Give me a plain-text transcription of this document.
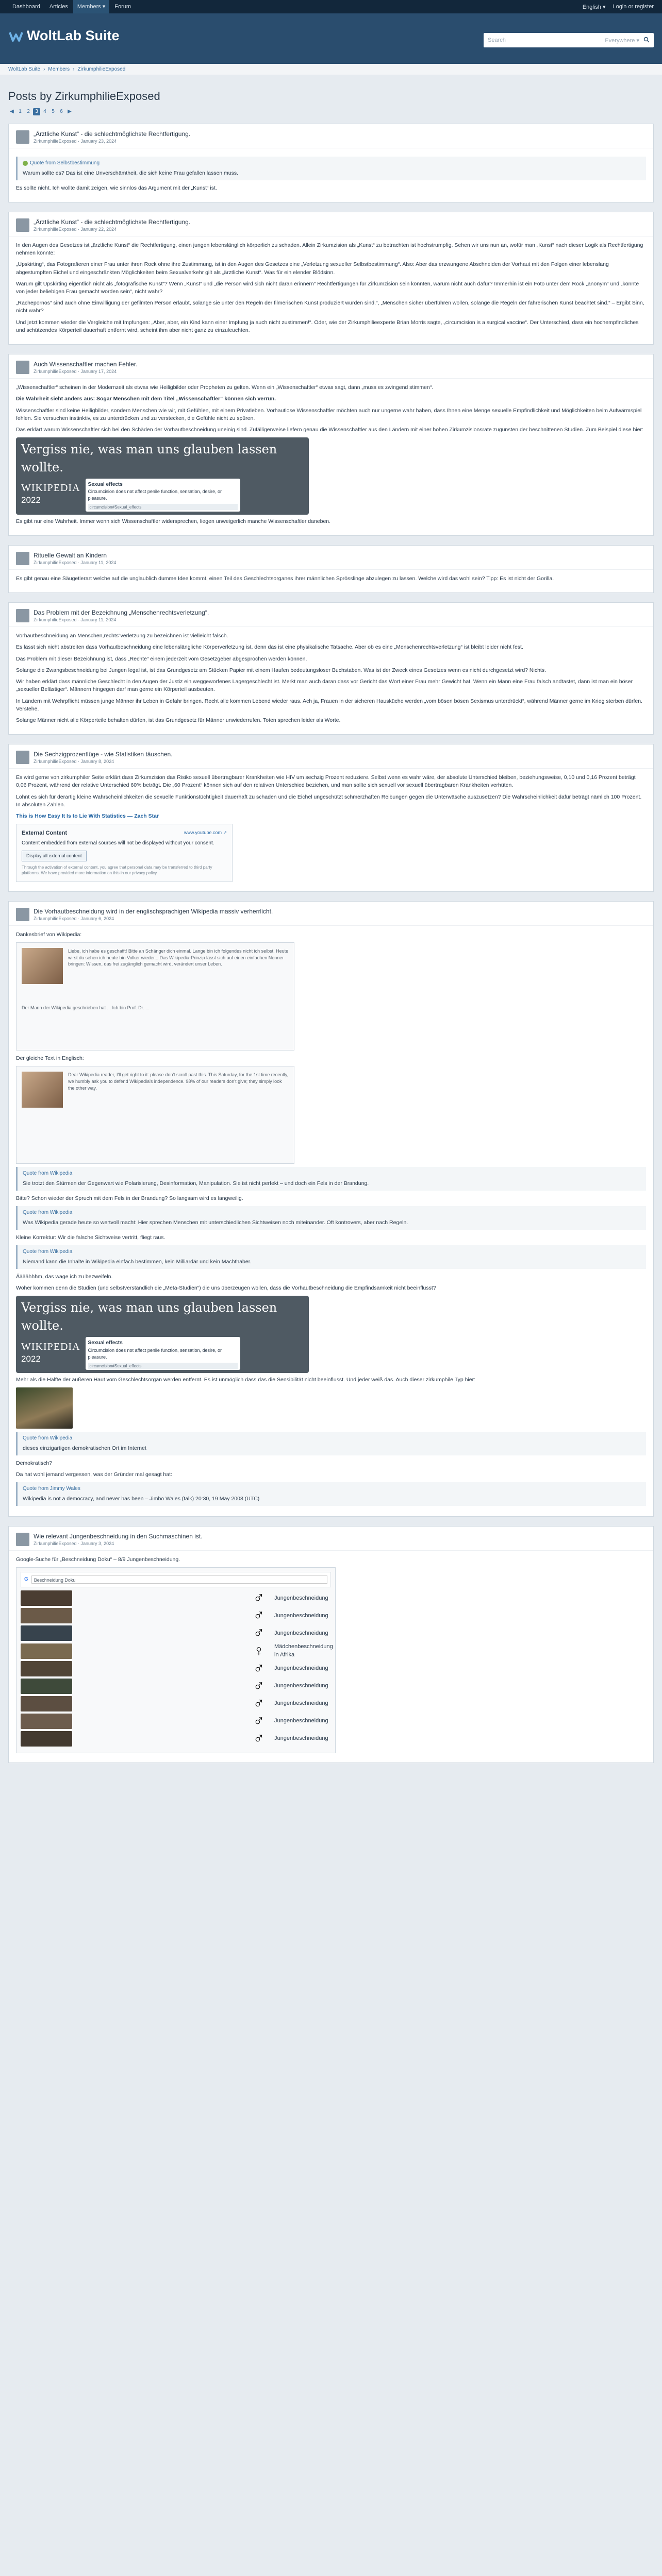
Dashboard	Articles	Members ▾	Forum	English ▾ Login or register
WoltLab Suite	Search	Everywhere ▾
WoltLab Suite › Members › ZirkumphilieExposed
Posts by ZirkumphilieExposed
◀ 1	2	3	4	5	6 ▶
„Ärztliche Kunst“ - die schlechtmöglichste Rechtfertigung.
ZirkumphilieExposed · January 23, 2024
Quote from Selbstbestimmung
Warum sollte es? Das ist eine Unverschämtheit, die sich keine Frau gefallen lassen muss.

Es sollte nicht. Ich wollte damit zeigen, wie sinnlos das Argument mit der „Kunst“ ist.

„Ärztliche Kunst“ - die schlechtmöglichste Rechtfertigung.
ZirkumphilieExposed · January 22, 2024

In den Augen des Gesetzes ist „ärztliche Kunst“ die Rechtfertigung, einen jungen lebenslänglich körperlich zu schaden. Allein Zirkumzision als „Kunst“ zu betrachten ist hochstrumpfig. Sehen wir uns nun an, wofür man „Kunst“ nach dieser Logik als Rechtfertigung nehmen könnte:

„Upskirting“, das Fotografieren einer Frau unter ihren Rock ohne ihre Zustimmung, ist in den Augen des Gesetzes eine „Verletzung sexueller Selbstbestimmung“. Also: Aber das erzwungene Abschneiden der Vorhaut mit den Folgen einer lebenslang abgestumpften Eichel und eingeschränkten Möglichkeiten beim Sexualverkehr gilt als „ärztliche Kunst“. Was für ein elender Blödsinn.

Warum gilt Upskirting eigentlich nicht als „fotografische Kunst“? Wenn „Kunst“ und „die Person wird sich nicht daran erinnern“ Rechtfertigungen für Zirkumzision sein könnten, warum nicht auch dafür? Immerhin ist ein Foto unter dem Rock „anonym“ und „könnte von jeder beliebigen Frau gemacht worden sein“, nicht wahr?

„Rachepornos“ sind auch ohne Einwilligung der gefilmten Person erlaubt, solange sie unter den Regeln der filmerischen Kunst produziert wurden sind.“, „Menschen sicher überführen wollen, solange die Regeln der fahrerischen Kunst beachtet sind.“ – Ergibt Sinn, nicht wahr?

Und jetzt kommen wieder die Vergleiche mit Impfungen: „Aber, aber, ein Kind kann einer Impfung ja auch nicht zustimmen!“. Oder, wie der Zirkumphilieexperte Brian Morris sagte, „circumcision is a surgical vaccine“. Der Unterschied, dass ein hochempfindliches und schützendes Körperteil dauerhaft entfernt wird, scheint ihm aber nicht ganz zu einzuleuchten.

Auch Wissenschaftler machen Fehler.
ZirkumphilieExposed · January 17, 2024

„Wissenschaftler“ scheinen in der Modernzeit als etwas wie Heiligbilder oder Propheten zu gelten. Wenn ein „Wissenschaftler“ etwas sagt, dann „muss es zwingend stimmen“.

Die Wahrheit sieht anders aus: Sogar Menschen mit dem Titel „Wissenschaftler“ können sich verrun.

Wissenschaftler sind keine Heiligbilder, sondern Menschen wie wir, mit Gefühlen, mit einem Privatleben. Vorhautlose Wissenschaftler möchten auch nur ungerne wahr haben, dass Ihnen eine Menge sexuelle Empfindlichkeit und Möglichkeiten beim Aufwärmspiel fehlen. Sie versuchen instinktiv, es zu unterdrücken und zu verstecken, die Gefühle nicht zu spüren.

Das erklärt warum Wissenschaftler sich bei den Schäden der Vorhautbeschneidung uneinig sind. Zufälligerweise liefern genau die Wissenschaftler aus den Ländern mit einer hohen Zirkumzisionsrate zugunsten der beschnittenen Studien. Zum Beispiel diese hier:

Vergiss nie, was man uns glauben lassen wollte.
WIKIPEDIA
2022
Sexual effects
Circumcision does not affect penile function, sensation, desire, or pleasure.
circumcision#Sexual_effects

Es gibt nur eine Wahrheit. Immer wenn sich Wissenschaftler widersprechen, liegen unweigerlich manche Wissenschaftler daneben.

Rituelle Gewalt an Kindern
ZirkumphilieExposed · January 11, 2024

Es gibt genau eine Säugetierart welche auf die unglaublich dumme Idee kommt, einen Teil des Geschlechtsorganes ihrer männlichen Sprösslinge abzulegen zu lassen. Welche wird das wohl sein? Tipp: Es ist nicht der Gorilla.

Das Problem mit der Bezeichnung „Menschenrechtsverletzung“.
ZirkumphilieExposed · January 11, 2024

Vorhautbeschneidung an Menschen,rechts“verletzung zu bezeichnen ist vielleicht falsch.

Es lässt sich nicht abstreiten dass Vorhautbeschneidung eine lebenslängliche Körperverletzung ist, denn das ist eine physikalische Tatsache. Aber ob es eine „Menschenrechtsverletzung“ ist bleibt leider nicht fest.

Das Problem mit dieser Bezeichnung ist, dass „Rechte“ einem jederzeit vom Gesetzgeber abgesprochen werden können.

Solange die Zwangsbeschneidung bei Jungen legal ist, ist das Grundgesetz am Stücken Papier mit einem Haufen bedeutungsloser Buchstaben. Was ist der Zweck eines Gesetzes wenn es nicht durchgesetzt wird? Nichts.

Wir haben erklärt dass männliche Geschlecht in den Augen der Justiz ein weggeworfenes Lagergeschlecht ist. Merkt man auch daran dass vor Gericht das Wort einer Frau mehr Gewicht hat. Wenn ein Mann eine Frau falsch andtastet, dann ist man ein böser „sexueller Belästiger“. Männern hingegen darf man gerne ein Körperteil ausbeuten.

In Ländern mit Wehrpflicht müssen junge Männer ihr Leben in Gefahr bringen. Recht alle kommen Lebend wieder raus. Ach ja, Frauen in der sicheren Hausküche werden „vom bösen bösen Sexismus unterdrückt“, während Männer gerne im Krieg sterben dürfen. Verstehe.

Solange Männer nicht alle Körperteile behalten dürfen, ist das Grundgesetz für Männer unwiederrufen. Toten sprechen leider als Worte.

Die Sechzigprozentlüge - wie Statistiken täuschen.
ZirkumphilieExposed · January 8, 2024

Es wird gerne von zirkumphiler Seite erklärt dass Zirkumzision das Risiko sexuell übertragbarer Krankheiten wie HIV um sechzig Prozent reduziere. Selbst wenn es wahr wäre, der absolute Unterschied bleiben, beziehungsweise, 0,10 und 0,16 Prozent beträgt 0,06 Prozent, während der relative Unterschied 60% beträgt. Die „60 Prozent“ können sich auf den relativen Unterschied beziehen, und man sollte sich sexuell vor sexuell übertragbaren Krankheiten verhüten.

Lohnt es sich für derartig kleine Wahrscheinlichkeiten die sexuelle Funktionstüchtigkeit dauerhaft zu schaden und die Eichel ungeschützt schmerzhaften Reibungen gegen die Unterwäsche auszusetzen? Die Wahrscheinlichkeit dafür beträgt nämlich 100 Prozent. In absoluten Zahlen.

This is How Easy It Is to Lie With Statistics — Zach Star

External Content	www.youtube.com ↗
Content embedded from external sources will not be displayed without your consent.
Display all external content
Through the activation of external content, you agree that personal data may be transferred to third party platforms. We have provided more information on this in our privacy policy.
Die Vorhautbeschneidung wird in der englischsprachigen Wikipedia massiv verherrlicht.
ZirkumphilieExposed · January 6, 2024

Dankesbrief von Wikipedia:

Liebe, ich habe es geschafft! Bitte an Schänger dich einmal. Lange bin ich folgendes nicht ich selbst. Heute wirst du sehen ich heute bin Volker wieder... Das Wikipedia-Prinzip lässt sich auf einen einfachen Nenner bringen: Wissen, das frei zugänglich gemacht wird, verändert unser Leben.
Der Mann der Wikipedia geschrieben hat ... Ich bin Prof. Dr. ...

Der gleiche Text in Englisch:

Dear Wikipedia reader, I'll get right to it: please don't scroll past this. This Saturday, for the 1st time recently, we humbly ask you to defend Wikipedia's independence. 98% of our readers don't give; they simply look the other way.
Quote from Wikipedia
Sie trotzt den Stürmen der Gegenwart wie Polarisierung, Desinformation, Manipulation. Sie ist nicht perfekt – und doch ein Fels in der Brandung.

Bitte? Schon wieder der Spruch mit dem Fels in der Brandung? So langsam wird es langweilig.

Quote from Wikipedia
Was Wikipedia gerade heute so wertvoll macht: Hier sprechen Menschen mit unterschiedlichen Sichtweisen noch miteinander. Oft kontrovers, aber nach Regeln.

Kleine Korrektur: Wir die falsche Sichtweise vertritt, fliegt raus.

Quote from Wikipedia
Niemand kann die Inhalte in Wikipedia einfach bestimmen, kein Milliardär und kein Machthaber.

Äääähhhm, das wage ich zu bezweifeln.

Woher kommen denn die Studien (und selbstverständlich die „Meta-Studien“) die uns überzeugen wollen, dass die Vorhautbeschneidung die Empfindsamkeit nicht beeinflusst?

Vergiss nie, was man uns glauben lassen wollte.
WIKIPEDIA
2022
Sexual effects
Circumcision does not affect penile function, sensation, desire, or pleasure.
circumcision#Sexual_effects

Mehr als die Hälfte der äußeren Haut vom Geschlechtsorgan werden entfernt. Es ist unmöglich dass das die Sensibilität nicht beeinflusst. Und jeder weiß das. Auch dieser zirkumphile Typ hier:

Quote from Wikipedia
dieses einzigartigen demokratischen Ort im Internet

Demokratisch?

Da hat wohl jemand vergessen, was der Gründer mal gesagt hat:

Quote from Jimmy Wales
Wikipedia is not a democracy, and never has been – Jimbo Wales (talk) 20:30, 19 May 2008 (UTC)
Wie relevant Jungenbeschneidung in den Suchmaschinen ist.
ZirkumphilieExposed · January 3, 2024

Google-Suche für „Beschneidung Doku“ – 8/9 Jungenbeschneidung.

G	Beschneidung Doku
♂	Jungenbeschneidung
♂	Jungenbeschneidung
♂	Jungenbeschneidung
♀	Mädchenbeschneidung in Afrika
♂	Jungenbeschneidung
♂	Jungenbeschneidung
♂	Jungenbeschneidung
♂	Jungenbeschneidung
♂	Jungenbeschneidung
